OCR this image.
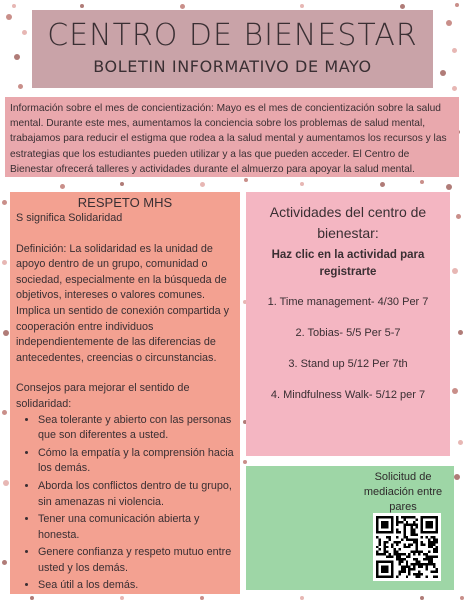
CENTRO DE BIENESTAR
BOLETIN INFORMATIVO DE MAYO

Información sobre el mes de concientización: Mayo es el mes de concientización sobre la salud mental. Durante este mes, aumentamos la conciencia sobre los problemas de salud mental, trabajamos para reducir el estigma que rodea a la salud mental y aumentamos los recursos y las estrategias que los estudiantes pueden utilizar y a las que pueden acceder. El Centro de Bienestar ofrecerá talleres y actividades durante el almuerzo para apoyar la salud mental.

RESPETO MHS

S significa Solidaridad

Definición: La solidaridad es la unidad de apoyo dentro de un grupo, comunidad o sociedad, especialmente en la búsqueda de objetivos, intereses o valores comunes. Implica un sentido de conexión compartida y cooperación entre individuos independientemente de las diferencias de antecedentes, creencias o circunstancias.

Consejos para mejorar el sentido de solidaridad:

• Sea tolerante y abierto con las personas que son diferentes a usted.
• Cómo la empatía y la comprensión hacia los demás.
• Aborda los conflictos dentro de tu grupo, sin amenazas ni violencia.
• Tener una comunicación abierta y honesta.
• Genere confianza y respeto mutuo entre usted y los demás.
• Sea útil a los demás.
Actividades del centro de bienestar:
Haz clic en la actividad para registrarte
1. Time management- 4/30 Per 7
2. Tobias- 5/5 Per 5-7
3. Stand up 5/12 Per 7th
4. Mindfulness Walk- 5/12 per 7
Solicitud de mediación entre pares
